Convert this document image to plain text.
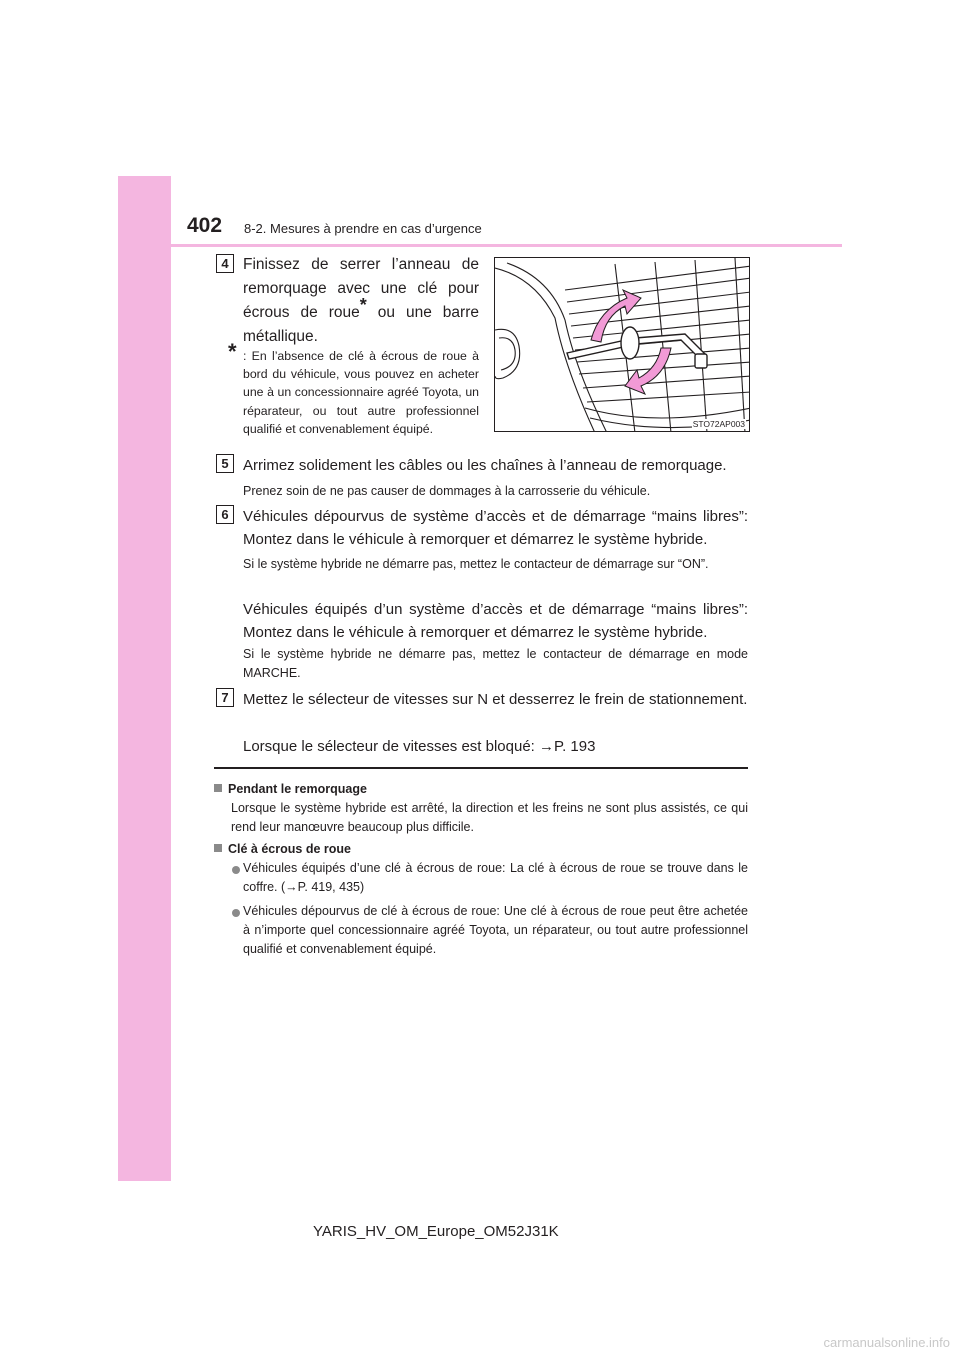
402 8-2. Mesures à prendre en cas d’urgence
4 Finissez de serrer l’anneau de remorquage avec une clé pour écrous de roue* ou une barre métallique.
* : En l’absence de clé à écrous de roue à bord du véhicule, vous pouvez en acheter une à un concessionnaire agréé Toyota, un réparateur, ou tout autre professionnel qualifié et convenablement équipé.	STO72AP003
5 Arrimez solidement les câbles ou les chaînes à l’anneau de remorquage.
Prenez soin de ne pas causer de dommages à la carrosserie du véhicule.
6 Véhicules dépourvus de système d’accès et de démarrage “mains libres”: Montez dans le véhicule à remorquer et démarrez le système hybride.
Si le système hybride ne démarre pas, mettez le contacteur de démarrage sur “ON”.
Véhicules équipés d’un système d’accès et de démarrage “mains libres”: Montez dans le véhicule à remorquer et démarrez le système hybride.
Si le système hybride ne démarre pas, mettez le contacteur de démarrage en mode MARCHE.
7 Mettez le sélecteur de vitesses sur N et desserrez le frein de stationnement.
Lorsque le sélecteur de vitesses est bloqué: →P. 193
Pendant le remorquage
Lorsque le système hybride est arrêté, la direction et les freins ne sont plus assistés, ce qui rend leur manœuvre beaucoup plus difficile.
Clé à écrous de roue
Véhicules équipés d’une clé à écrous de roue: La clé à écrous de roue se trouve dans le coffre. (→P. 419, 435)
Véhicules dépourvus de clé à écrous de roue: Une clé à écrous de roue peut être achetée à n’importe quel concessionnaire agréé Toyota, un réparateur, ou tout autre professionnel qualifié et convenablement équipé.
YARIS_HV_OM_Europe_OM52J31K
carmanualsonline.info
